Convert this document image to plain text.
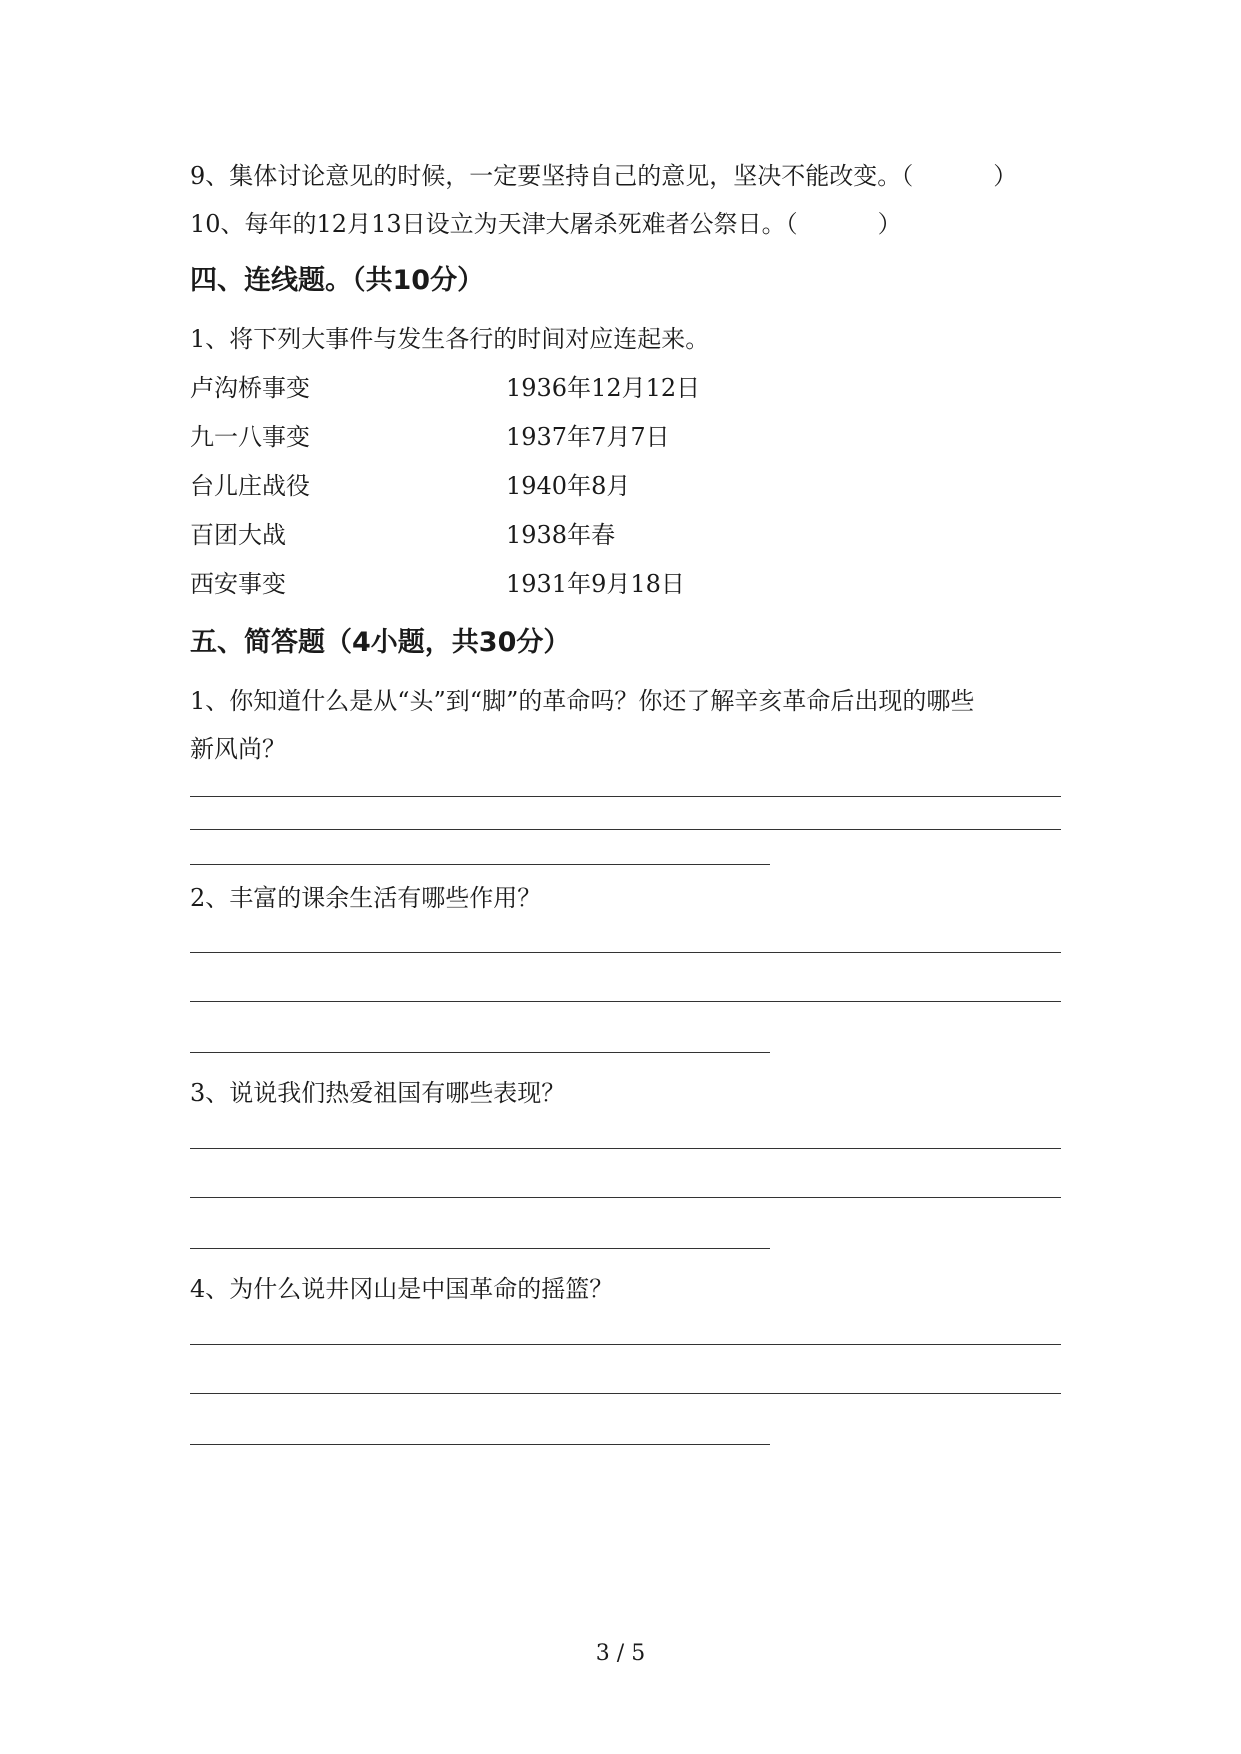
9、集体讨论意见的时候，一定要坚持自己的意见，坚决不能改变。（	）
10、每年的12月13日设立为天津大屠杀死难者公祭日。（	）
四、连线题。（共10分）
1、将下列大事件与发生各行的时间对应连起来。
卢沟桥事变	1936年12月12日
九一八事变	1937年7月7日
台儿庄战役	1940年8月
百团大战	1938年春
西安事变	1931年9月18日
五、简答题（4小题，共30分）
1、你知道什么是从“头”到“脚”的革命吗？你还了解辛亥革命后出现的哪些
新风尚？
2、丰富的课余生活有哪些作用？
3、说说我们热爱祖国有哪些表现？
4、为什么说井冈山是中国革命的摇篮？
3 / 5
